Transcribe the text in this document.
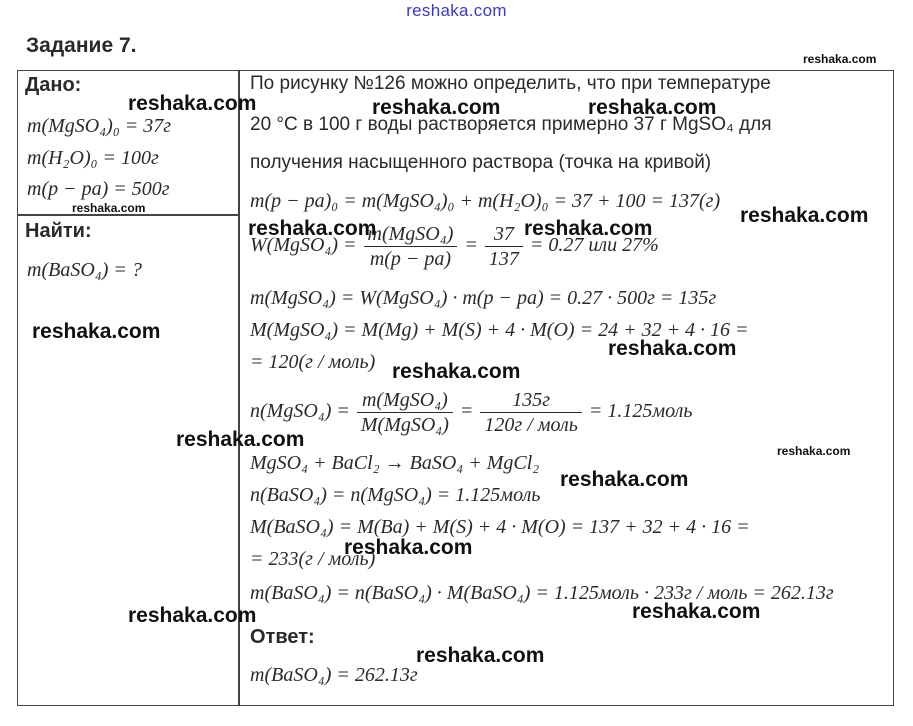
reshaka.com
Задание 7.
Дано:
m(MgSO₄)₀ = 37г
m(H₂O)₀ = 100г
m(р − ра) = 500г
Найти:
m(BaSO₄) = ?
По рисунку №126 можно определить, что при температуре
20 °С в 100 г воды растворяется примерно 37 г MgSO₄ для
получения насыщенного раствора (точка на кривой)
m(р − ра)₀ = m(MgSO₄)₀ + m(H₂O)₀ = 37 + 100 = 137(г)
W(MgSO₄) = $\frac{\text{m(MgSO₄)}}{m(р - ра)} = \frac{37}{137} = 0.27$ или 27%
m(MgSO₄) = W(MgSO₄) · m(р − ра) = 0.27 · 500г = 135г
M(MgSO₄) = M(Mg) + M(S) + 4 · M(O) = 24 + 32 + 4 · 16 =
= 120(г / моль)
n(MgSO₄) = $\frac{\text{m(MgSO₄)}}{\text{M(MgSO₄)}} = \frac{135г}{\text{120г / моль}}$ = 1.125моль
MgSO₄ + BaCl₂ → BaSO₄ + MgCl₂
n(BaSO₄) = n(MgSO₄) = 1.125моль
M(BaSO₄) = M(Ba) + M(S) + 4 · M(O) = 137 + 32 + 4 · 16 =
= 233(г / моль)
m(BaSO₄) = n(BaSO₄) · M(BaSO₄) = 1.125моль · 233г / моль = 262.13г
Ответ:
m(BaSO₄) = 262.13г
reshaka.com
reshaka.com	reshaka.com	reshaka.com
reshaka.com	reshaka.com
reshaka.com	reshaka.com
reshaka.com
reshaka.com
reshaka.com
reshaka.com	reshaka.com
reshaka.com
reshaka.com
reshaka.com
reshaka.com
reshaka.com
